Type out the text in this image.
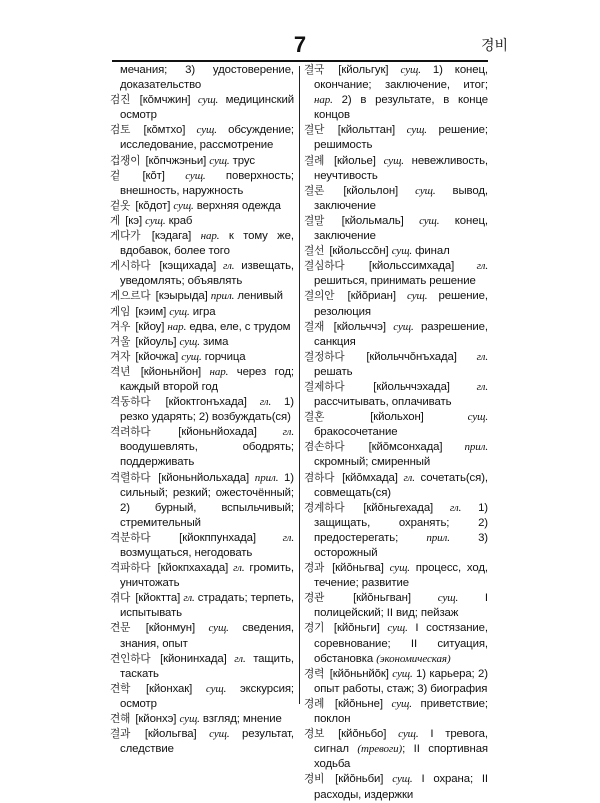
7	경비
мечания; 3) удостоверение, доказательство
검진 [кŏмчжин] сущ. медицинский осмотр
검토 [кŏмтхо] сущ. обсуждение; исследование, рассмотрение
겁쟁이 [кŏпчжэньи] сущ. трус
겉 [кŏт] сущ. поверхность; внешность, наружность
겉옷 [кŏдот] сущ. верхняя одежда
게 [кэ] сущ. краб
게다가 [кэдага] нар. к тому же, вдобавок, более того
게시하다 [кэщихада] гл. извещать, уведомлять; объявлять
게으르다 [кэырыда] прил. ленивый
게임 [кэим] сущ. игра
겨우 [кйоу] нар. едва, еле, с трудом
겨울 [кйоуль] сущ. зима
겨자 [кйочжа] сущ. горчица
격년 [кйоньнйон] нар. через год; каждый второй год
격동하다 [кйоктгонъхада] гл. 1) резко ударять; 2) возбуждать(ся)
격려하다 [кйоньнйохада] гл. воодушевлять, ободрять; поддерживать
격렬하다 [кйоньнйольхада] прил. 1) сильный; резкий; ожесточённый; 2) бурный, вспыльчивый; стремительный
격분하다	[кйокппунхада] гл. возмущаться, негодовать
격파하다 [кйокпхахада] гл. громить, уничтожать
겪다 [кйоктта] гл. страдать; терпеть, испытывать
견문 [кйонмун] сущ. сведения, знания, опыт
견인하다 [кйонинхада] гл. тащить, таскать
견학 [кйонхак] сущ. экскурсия; осмотр
견해 [кйонхэ] сущ. взгляд; мнение
결과 [кйольгва] сущ. результат, следствие
결국 [кйольгук] сущ. 1) конец, окончание; заключение, итог; нар. 2) в результате, в конце концов
결단 [кйольттан] сущ. решение; решимость
결례 [кйолье] сущ. невежливость, неучтивость
결론 [кйольлон] сущ. вывод, заключение
결말 [кйольмаль] сущ. конец, заключение
결선 [кйольссŏн] сущ. финал
결심하다 [кйольссимхада] гл. решиться, принимать решение
결의안 [кйŏриан] сущ. решение, резолюция
결재 [кйольччэ] сущ. разрешение, санкция
결정하다 [кйольччŏнъхада] гл. решать
결제하다	[кйольччэхада] гл. рассчитывать, оплачивать
결혼	[кйольхон]	сущ. бракосочетание
겸손하다 [кйŏмсонхада] прил. скромный; смиренный
겸하다 [кйŏмхада] гл. сочетать(ся), совмещать(ся)
경계하다 [кйŏньгехада] гл. 1) защищать, охранять; 2) предостерегать;	прил. 3) осторожный
경과 [кйŏньгва] сущ. процесс, ход, течение; развитие
경관	[кйŏньгван] сущ. I полицейский; II вид; пейзаж
경기 [кйŏньги] сущ. I состязание, соревнование; II ситуация, обстановка (экономическая)
경력 [кйŏньнйŏк] сущ. 1) карьера; 2) опыт работы, стаж; 3) биография
경례 [кйŏньне] сущ. приветствие; поклон
경보 [кйŏньбо] сущ. I тревога, сигнал (тревоги); II спортивная ходьба
경비 [кйŏньби] сущ. I охрана; II расходы, издержки
